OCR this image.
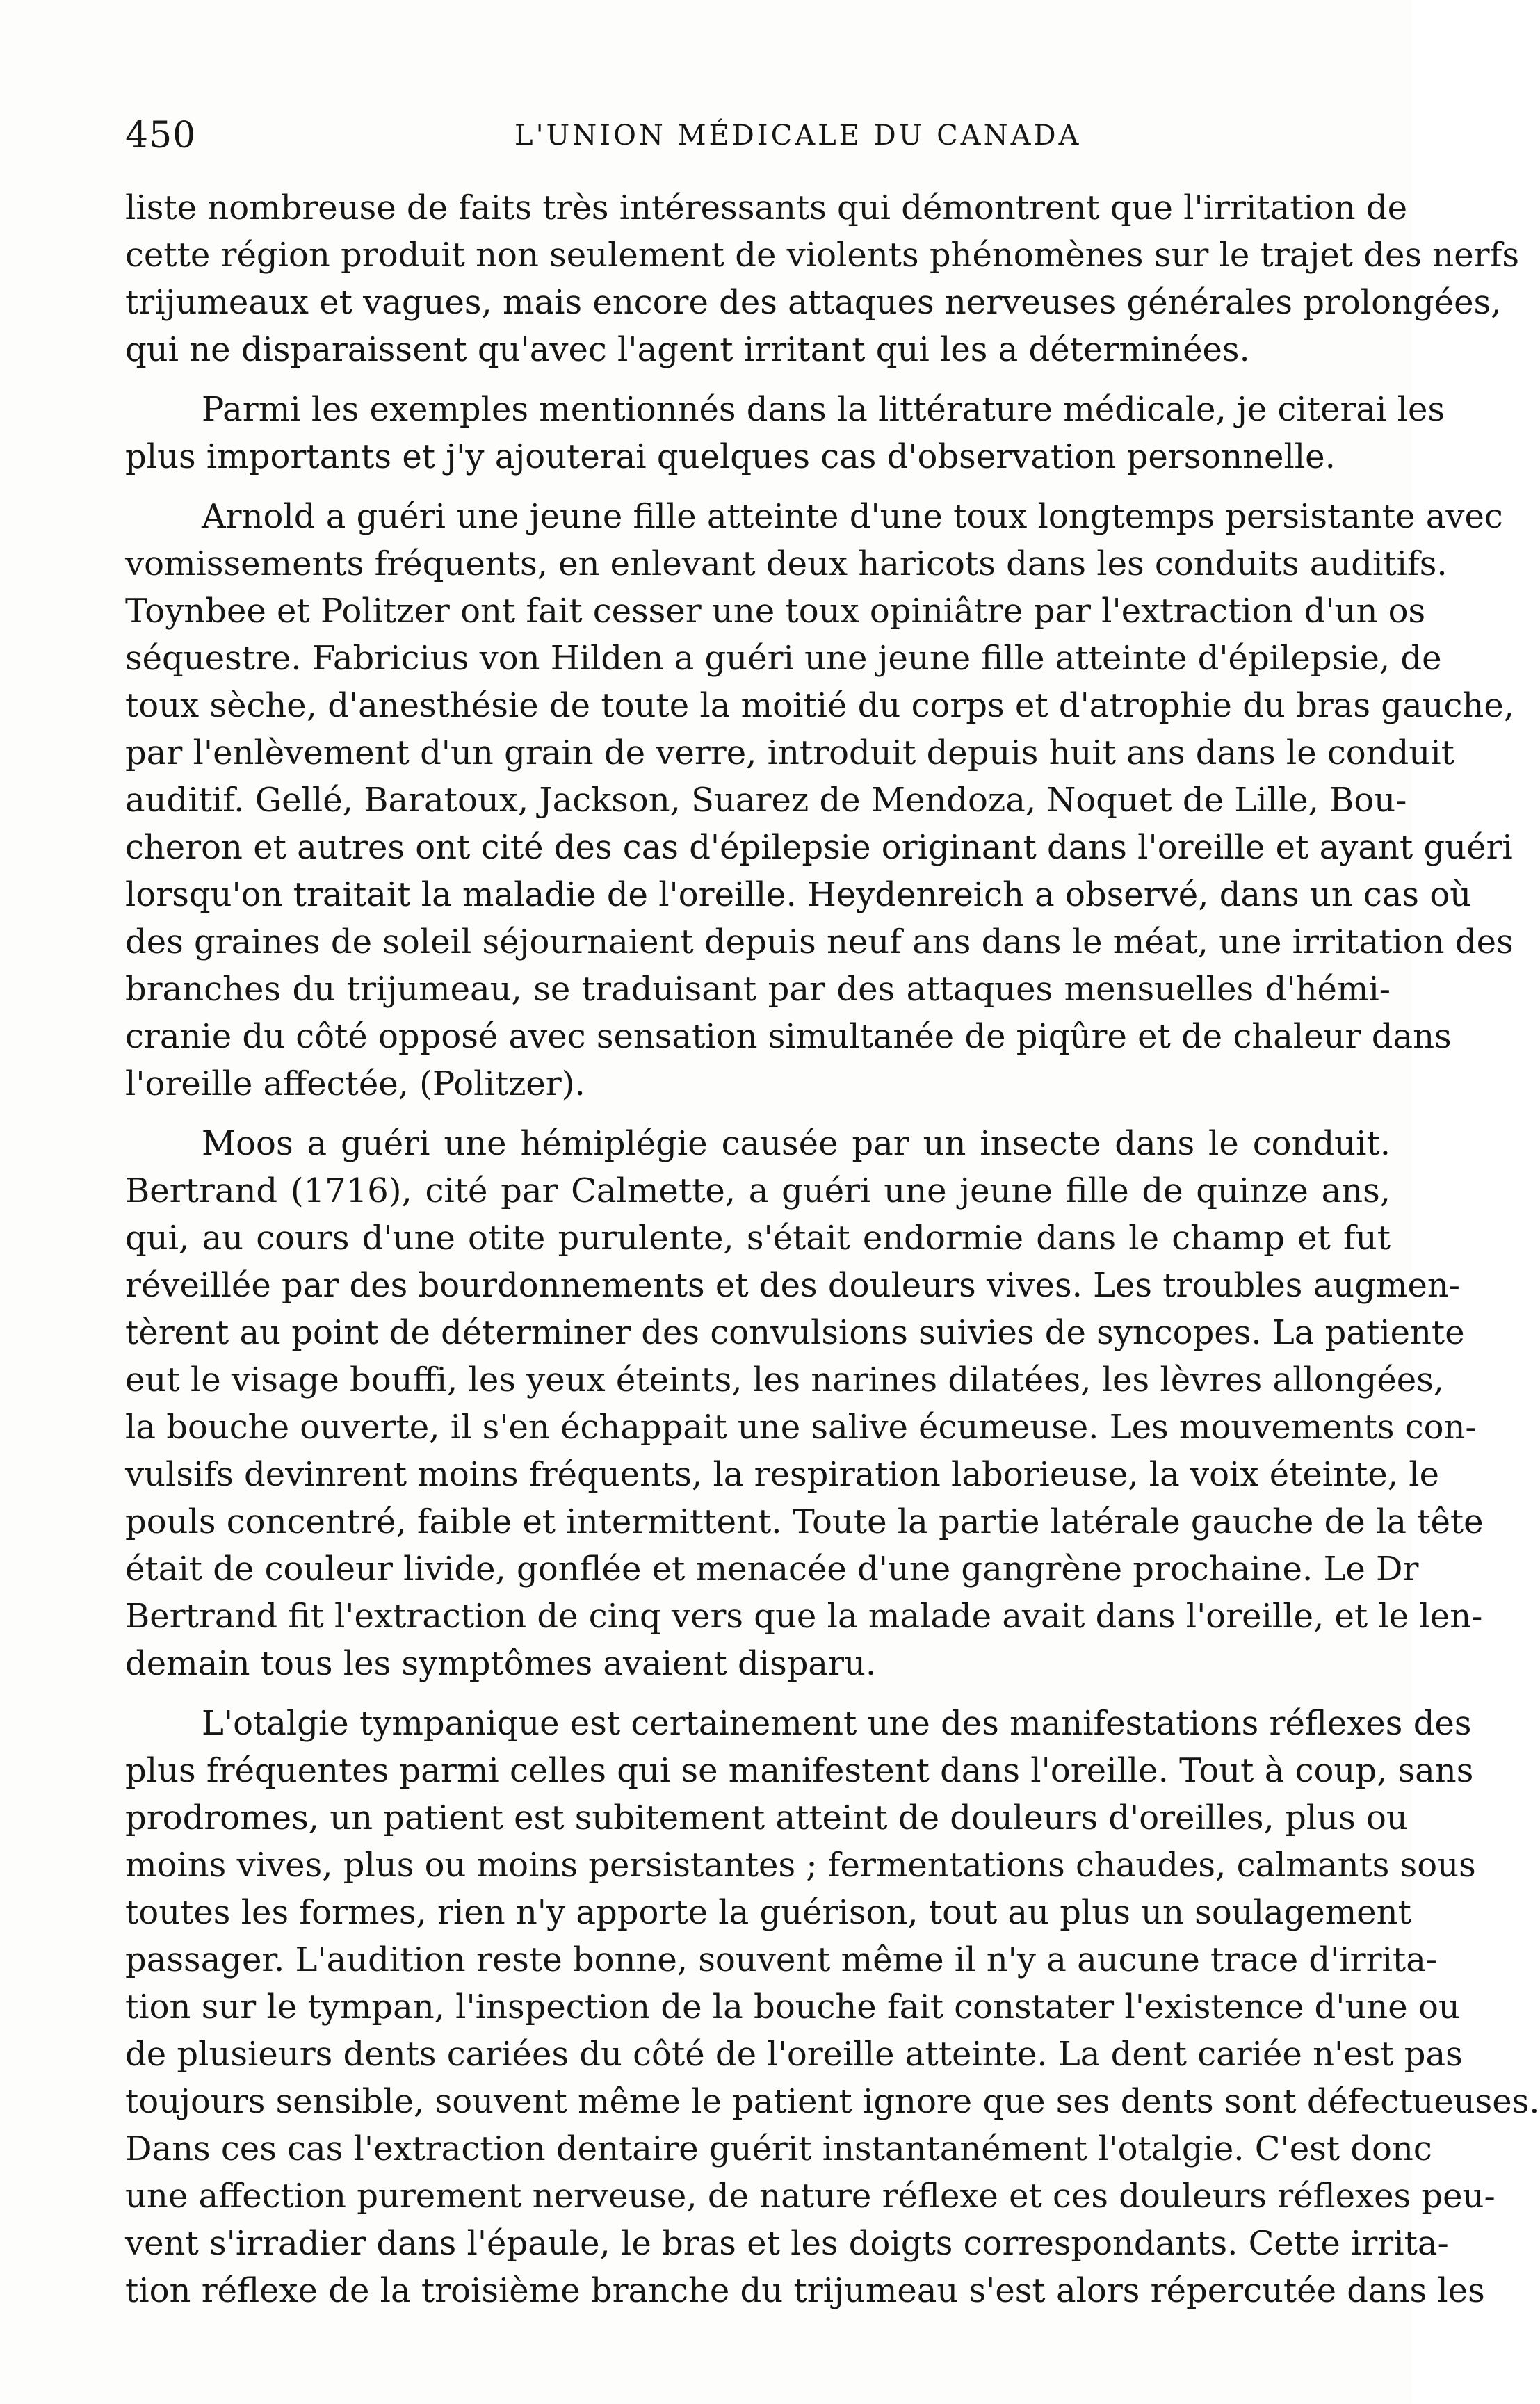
450	L'UNION MÉDICALE DU CANADA

liste nombreuse de faits très intéressants qui démontrent que l'irritation de
cette région produit non seulement de violents phénomènes sur le trajet des nerfs
trijumeaux et vagues, mais encore des attaques nerveuses générales prolongées,
qui ne disparaissent qu'avec l'agent irritant qui les a déterminées.

Parmi les exemples mentionnés dans la littérature médicale, je citerai les
plus importants et j'y ajouterai quelques cas d'observation personnelle.

Arnold a guéri une jeune fille atteinte d'une toux longtemps persistante avec
vomissements fréquents, en enlevant deux haricots dans les conduits auditifs.
Toynbee et Politzer ont fait cesser une toux opiniâtre par l'extraction d'un os
séquestre. Fabricius von Hilden a guéri une jeune fille atteinte d'épilepsie, de
toux sèche, d'anesthésie de toute la moitié du corps et d'atrophie du bras gauche,
par l'enlèvement d'un grain de verre, introduit depuis huit ans dans le conduit
auditif. Gellé, Baratoux, Jackson, Suarez de Mendoza, Noquet de Lille, Bou-
cheron et autres ont cité des cas d'épilepsie originant dans l'oreille et ayant guéri
lorsqu'on traitait la maladie de l'oreille. Heydenreich a observé, dans un cas où
des graines de soleil séjournaient depuis neuf ans dans le méat, une irritation des
branches du trijumeau, se traduisant par des attaques mensuelles d'hémi-
cranie du côté opposé avec sensation simultanée de piqûre et de chaleur dans
l'oreille affectée, (Politzer).

Moos a guéri une hémiplégie causée par un insecte dans le conduit.
Bertrand (1716), cité par Calmette, a guéri une jeune fille de quinze ans,
qui, au cours d'une otite purulente, s'était endormie dans le champ et fut
réveillée par des bourdonnements et des douleurs vives. Les troubles augmen-
tèrent au point de déterminer des convulsions suivies de syncopes. La patiente
eut le visage bouffi, les yeux éteints, les narines dilatées, les lèvres allongées,
la bouche ouverte, il s'en échappait une salive écumeuse. Les mouvements con-
vulsifs devinrent moins fréquents, la respiration laborieuse, la voix éteinte, le
pouls concentré, faible et intermittent. Toute la partie latérale gauche de la tête
était de couleur livide, gonflée et menacée d'une gangrène prochaine. Le Dr
Bertrand fit l'extraction de cinq vers que la malade avait dans l'oreille, et le len-
demain tous les symptômes avaient disparu.

L'otalgie tympanique est certainement une des manifestations réflexes des
plus fréquentes parmi celles qui se manifestent dans l'oreille. Tout à coup, sans
prodromes, un patient est subitement atteint de douleurs d'oreilles, plus ou
moins vives, plus ou moins persistantes ; fermentations chaudes, calmants sous
toutes les formes, rien n'y apporte la guérison, tout au plus un soulagement
passager. L'audition reste bonne, souvent même il n'y a aucune trace d'irrita-
tion sur le tympan, l'inspection de la bouche fait constater l'existence d'une ou
de plusieurs dents cariées du côté de l'oreille atteinte. La dent cariée n'est pas
toujours sensible, souvent même le patient ignore que ses dents sont défectueuses.
Dans ces cas l'extraction dentaire guérit instantanément l'otalgie. C'est donc
une affection purement nerveuse, de nature réflexe et ces douleurs réflexes peu-
vent s'irradier dans l'épaule, le bras et les doigts correspondants. Cette irrita-
tion réflexe de la troisième branche du trijumeau s'est alors répercutée dans les
